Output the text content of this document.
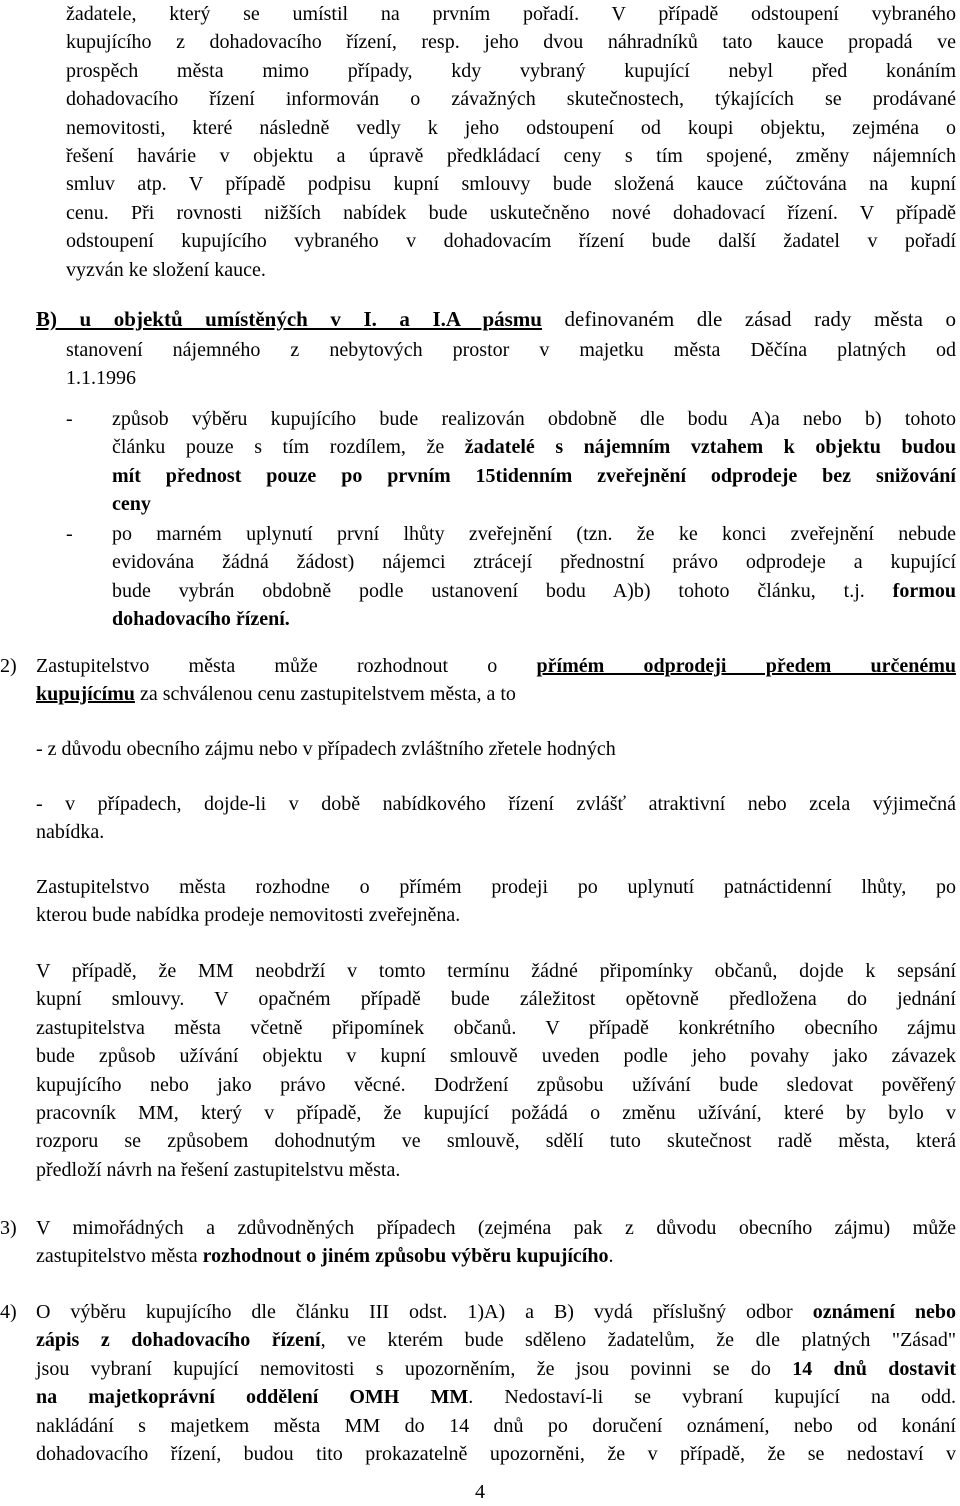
žadatele, který se umístil na prvním pořadí. V případě odstoupení vybraného
kupujícího z dohadovacího řízení, resp. jeho dvou náhradníků tato kauce propadá ve
prospěch města mimo případy, kdy vybraný kupující nebyl před konáním
dohadovacího řízení informován o závažných skutečnostech, týkajících se prodávané
nemovitosti, které následně vedly k jeho odstoupení od koupi objektu, zejména o
řešení havárie v objektu a úpravě předkládací ceny s tím spojené, změny nájemních
smluv atp. V případě podpisu kupní smlouvy bude složená kauce zúčtována na kupní
cenu. Při rovnosti nižších nabídek bude uskutečněno nové dohadovací řízení. V případě
odstoupení kupujícího vybraného v dohadovacím řízení bude další žadatel v pořadí
vyzván ke složení kauce.
B) u objektů umístěných v I. a I.A pásmu definovaném dle zásad rady města o
stanovení nájemného z nebytových prostor v majetku města Děčína platných od
1.1.1996
-	způsob výběru kupujícího bude realizován obdobně dle bodu A)a nebo b) tohoto
článku pouze s tím rozdílem, že žadatelé s nájemním vztahem k objektu budou
mít přednost pouze po prvním 15tidenním zveřejnění odprodeje bez snižování
ceny
-	po marném uplynutí první lhůty zveřejnění (tzn. že ke konci zveřejnění nebude
evidována žádná žádost) nájemci ztrácejí přednostní právo odprodeje a kupující
bude vybrán obdobně podle ustanovení bodu A)b) tohoto článku, t.j. formou
dohadovacího řízení.
2) Zastupitelstvo města může rozhodnout o přímém odprodeji předem určenému
kupujícímu za schválenou cenu zastupitelstvem města, a to
- z důvodu obecního zájmu nebo v případech zvláštního zřetele hodných
- v případech, dojde-li v době nabídkového řízení zvlášť atraktivní nebo zcela výjimečná
nabídka.
Zastupitelstvo města rozhodne o přímém prodeji po uplynutí patnáctidenní lhůty, po
kterou bude nabídka prodeje nemovitosti zveřejněna.
V případě, že MM neobdrží v tomto termínu žádné připomínky občanů, dojde k sepsání
kupní smlouvy. V opačném případě bude záležitost opětovně předložena do jednání
zastupitelstva města včetně připomínek občanů. V případě konkrétního obecního zájmu
bude způsob užívání objektu v kupní smlouvě uveden podle jeho povahy jako závazek
kupujícího nebo jako právo věcné. Dodržení způsobu užívání bude sledovat pověřený
pracovník MM, který v případě, že kupující požádá o změnu užívání, které by bylo v
rozporu se způsobem dohodnutým ve smlouvě, sdělí tuto skutečnost radě města, která
předloží návrh na řešení zastupitelstvu města.
3) V mimořádných a zdůvodněných případech (zejména pak z důvodu obecního zájmu) může
zastupitelstvo města rozhodnout o jiném způsobu výběru kupujícího.
4) O výběru kupujícího dle článku III odst. 1)A) a B) vydá příslušný odbor oznámení nebo
zápis z dohadovacího řízení, ve kterém bude sděleno žadatelům, že dle platných "Zásad"
jsou vybraní kupující nemovitosti s upozorněním, že jsou povinni se do 14 dnů dostavit
na majetkoprávní oddělení OMH MM. Nedostaví-li se vybraní kupující na odd.
nakládání s majetkem města MM do 14 dnů po doručení oznámení, nebo od konání
dohadovacího řízení, budou tito prokazatelně upozorněni, že v případě, že se nedostaví v
4
